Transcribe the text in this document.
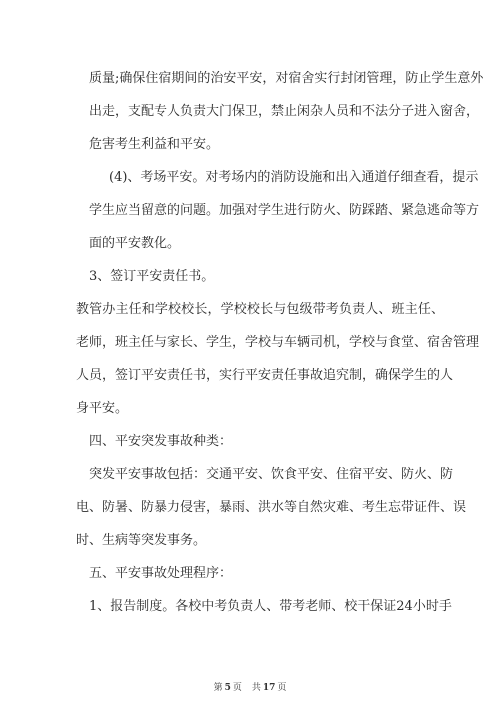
质量;确保住宿期间的治安平安，对宿舍实行封闭管理，防止学生意外
出走，支配专人负责大门保卫，禁止闲杂人员和不法分子进入窗舍，
危害考生利益和平安。
(4)、考场平安。对考场内的消防设施和出入通道仔细查看，提示
学生应当留意的问题。加强对学生进行防火、防踩踏、紧急逃命等方
面的平安教化。
3、签订平安责任书。
教管办主任和学校校长，学校校长与包级带考负责人、班主任、
老师，班主任与家长、学生，学校与车辆司机，学校与食堂、宿舍管理
人员，签订平安责任书，实行平安责任事故追究制，确保学生的人
身平安。
四、平安突发事故种类：
突发平安事故包括：交通平安、饮食平安、住宿平安、防火、防
电、防暑、防暴力侵害，暴雨、洪水等自然灾难、考生忘带证件、误
时、生病等突发事务。
五、平安事故处理程序：
1、报告制度。各校中考负责人、带考老师、校干保证24小时手
第 5 页 共 17 页
